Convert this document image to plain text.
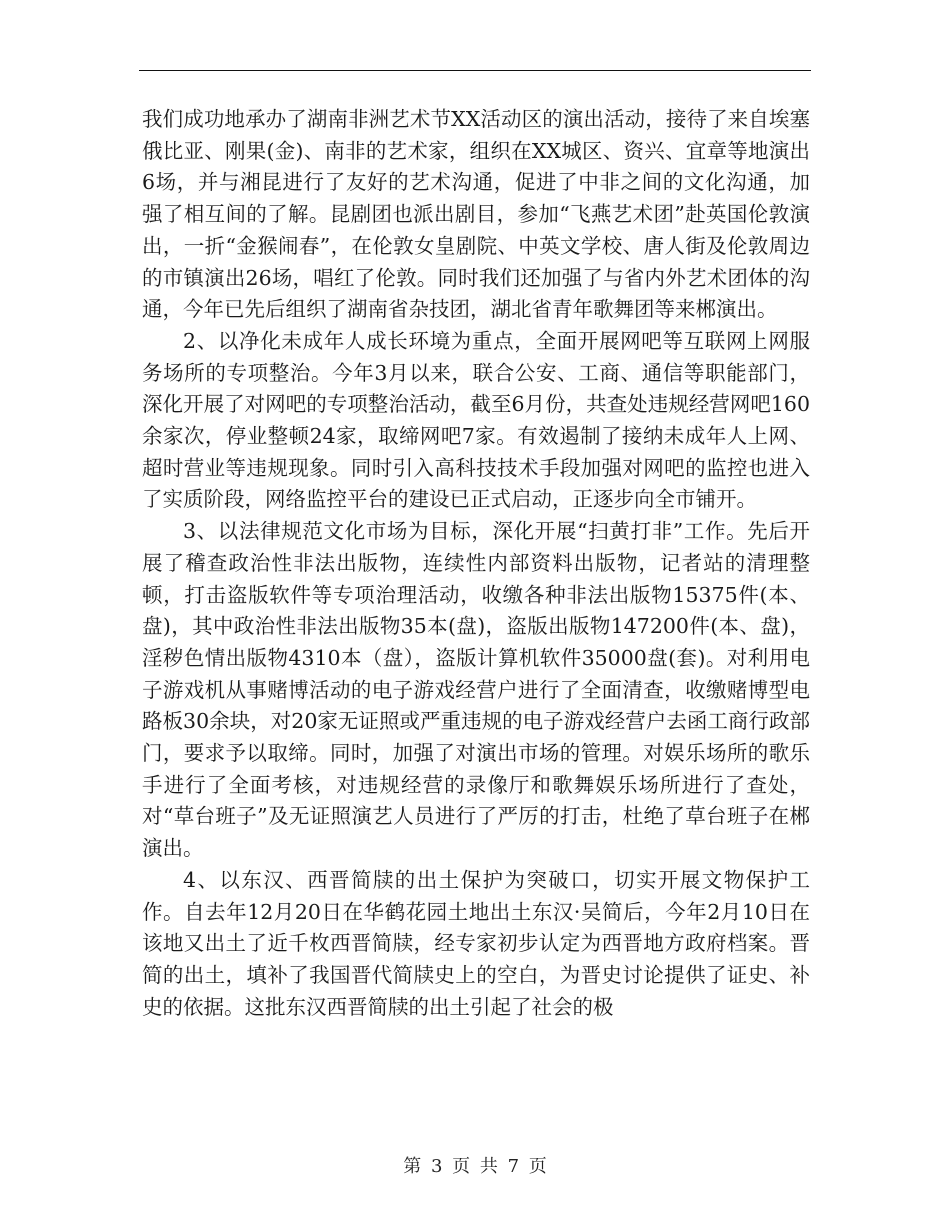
我们成功地承办了湖南非洲艺术节XX活动区的演出活动，接待了来自埃塞俄比亚、刚果(金)、南非的艺术家，组织在XX城区、资兴、宜章等地演出6场，并与湘昆进行了友好的艺术沟通，促进了中非之间的文化沟通，加强了相互间的了解。昆剧团也派出剧目，参加“飞燕艺术团”赴英国伦敦演出，一折“金猴闹春”，在伦敦女皇剧院、中英文学校、唐人街及伦敦周边的市镇演出26场，唱红了伦敦。同时我们还加强了与省内外艺术团体的沟通，今年已先后组织了湖南省杂技团，湖北省青年歌舞团等来郴演出。

2、以净化未成年人成长环境为重点，全面开展网吧等互联网上网服务场所的专项整治。今年3月以来，联合公安、工商、通信等职能部门，深化开展了对网吧的专项整治活动，截至6月份，共查处违规经营网吧160余家次，停业整顿24家，取缔网吧7家。有效遏制了接纳未成年人上网、超时营业等违规现象。同时引入高科技技术手段加强对网吧的监控也进入了实质阶段，网络监控平台的建设已正式启动，正逐步向全市铺开。

3、以法律规范文化市场为目标，深化开展“扫黄打非”工作。先后开展了稽查政治性非法出版物，连续性内部资料出版物，记者站的清理整顿，打击盗版软件等专项治理活动，收缴各种非法出版物15375件(本、盘)，其中政治性非法出版物35本(盘)，盗版出版物147200件(本、盘)，淫秽色情出版物4310本（盘），盗版计算机软件35000盘(套)。对利用电子游戏机从事赌博活动的电子游戏经营户进行了全面清查，收缴赌博型电路板30余块，对20家无证照或严重违规的电子游戏经营户去函工商行政部门，要求予以取缔。同时，加强了对演出市场的管理。对娱乐场所的歌乐手进行了全面考核，对违规经营的录像厅和歌舞娱乐场所进行了查处，对“草台班子”及无证照演艺人员进行了严厉的打击，杜绝了草台班子在郴演出。

4、以东汉、西晋简牍的出土保护为突破口，切实开展文物保护工作。自去年12月20日在华鹤花园土地出土东汉·吴简后，今年2月10日在该地又出土了近千枚西晋简牍，经专家初步认定为西晋地方政府档案。晋简的出土，填补了我国晋代简牍史上的空白，为晋史讨论提供了证史、补史的依据。这批东汉西晋简牍的出土引起了社会的极

第 3 页 共 7 页
